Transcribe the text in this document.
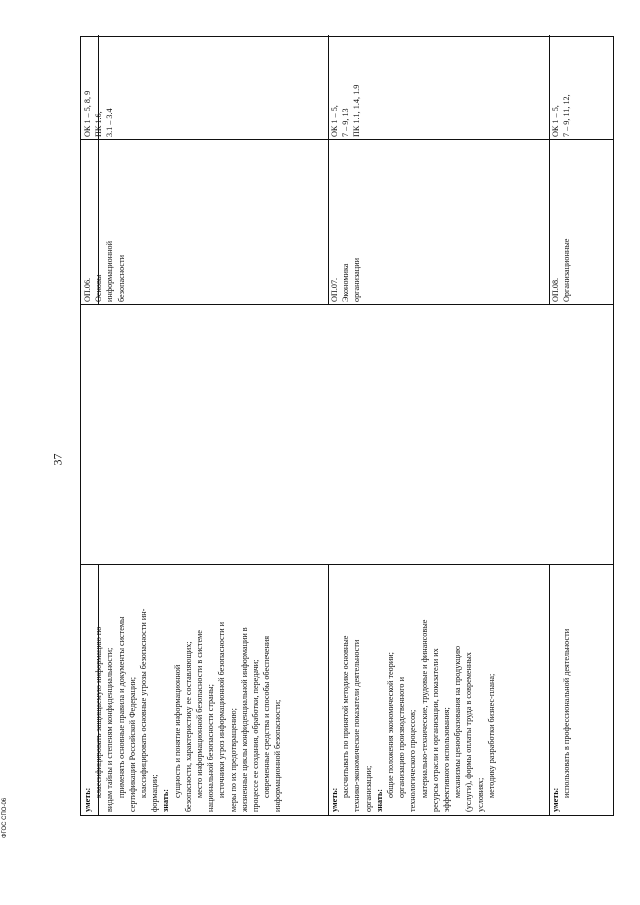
37
ФГОС СПО-06	уметь:
классифицировать защищаемую информацию по видам тайны и степеням конфиденциальности; применять основные правила и документы системы сертификации Российской Федерации; классифицировать основные угрозы безопасности ин- формации; знать:
сущность и понятие информационной безопасности, характеристику ее составляющих; место информационной безопасности в системе национальной безопасности страны; источники угроз информационной безопасности и меры по их предотвращению; жизненные циклы конфиденциальной информации в процессе ее создания, обработки, передачи; современные средства и способы обеспечения информационной безопасности;
ОП.06. Основы информационной безопасности
ОК 1 – 5, 8, 9 ПК 1.6, 3.1 – 3.4
уметь:
рассчитывать по принятой методике основные технико-экономические показатели деятельности организации; знать:
общие положения экономической теории; организацию производственного и технологического процессов; материально-технические, трудовые и финансовые ресурсы отрасли и организации, показатели их эффективного использования; механизмы ценообразования на продукцию (услуги), формы оплаты труда в современных условиях; методику разработки бизнес-плана;
ОП.07. Экономика организации
ОК 1 – 5, 7 – 9, 13 ПК 1.1, 1.4, 1.9
уметь:
использовать в профессиональной деятельности
ОП.08. Организационные
ОК 1 – 5, 7 – 9, 11, 12,
